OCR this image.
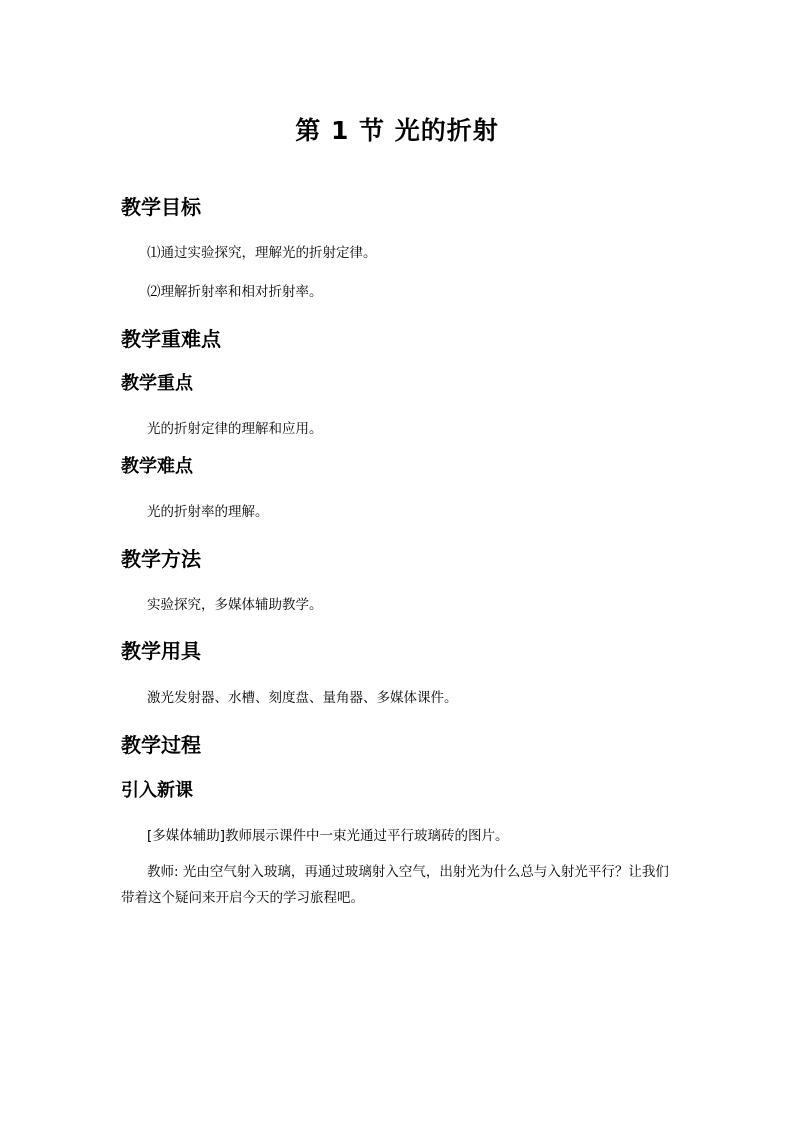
第 1 节 光的折射
教学目标
⑴通过实验探究，理解光的折射定律。
⑵理解折射率和相对折射率。
教学重难点
教学重点
光的折射定律的理解和应用。
教学难点
光的折射率的理解。
教学方法
实验探究，多媒体辅助教学。
教学用具
激光发射器、水槽、刻度盘、量角器、多媒体课件。
教学过程
引入新课
[多媒体辅助]教师展示课件中一束光通过平行玻璃砖的图片。
教师: 光由空气射入玻璃，再通过玻璃射入空气，出射光为什么总与入射光平行？让我们带着这个疑问来开启今天的学习旅程吧。
